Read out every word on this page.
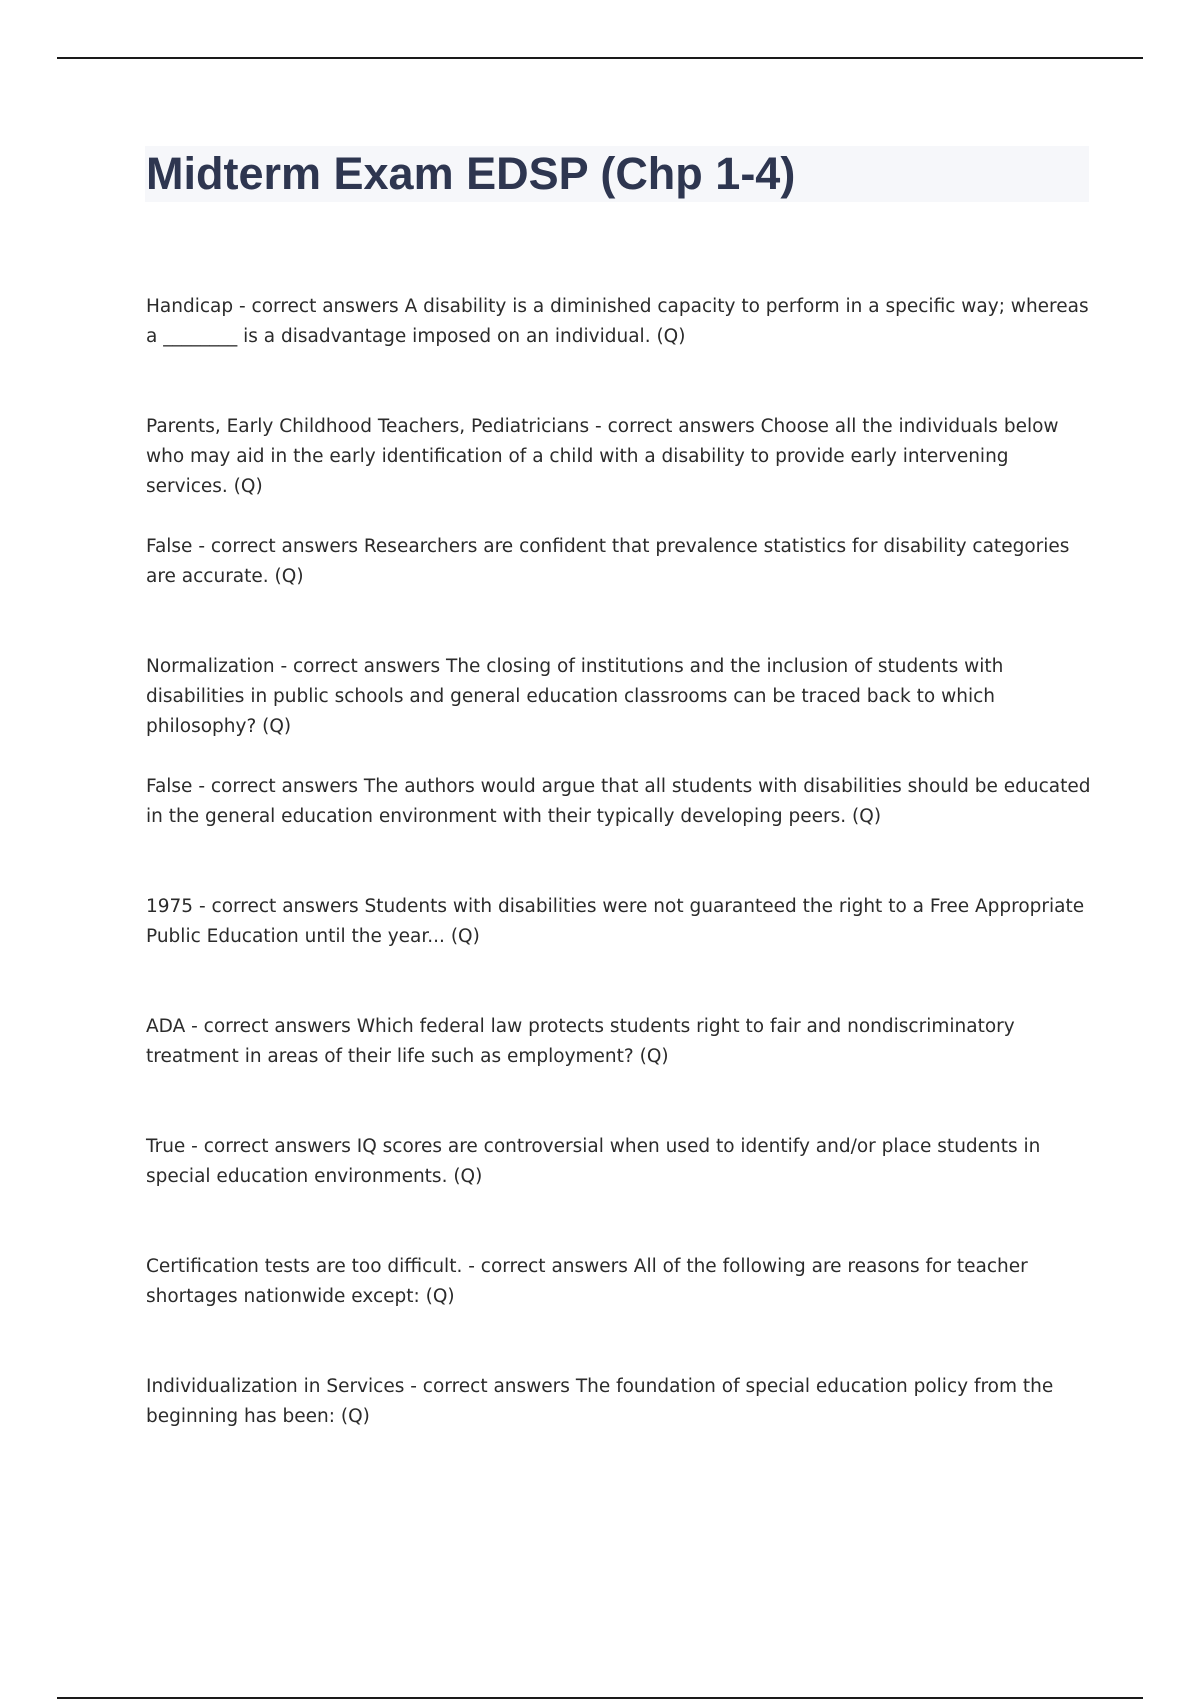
Midterm Exam EDSP (Chp 1-4)
Handicap - correct answers A disability is a diminished capacity to perform in a specific way; whereas a ________ is a disadvantage imposed on an individual. (Q)
Parents, Early Childhood Teachers, Pediatricians - correct answers Choose all the individuals below who may aid in the early identification of a child with a disability to provide early intervening services. (Q)
False - correct answers Researchers are confident that prevalence statistics for disability categories are accurate. (Q)
Normalization - correct answers The closing of institutions and the inclusion of students with disabilities in public schools and general education classrooms can be traced back to which philosophy? (Q)
False - correct answers The authors would argue that all students with disabilities should be educated in the general education environment with their typically developing peers. (Q)
1975 - correct answers Students with disabilities were not guaranteed the right to a Free Appropriate Public Education until the year... (Q)
ADA - correct answers Which federal law protects students right to fair and nondiscriminatory treatment in areas of their life such as employment? (Q)
True - correct answers IQ scores are controversial when used to identify and/or place students in special education environments. (Q)
Certification tests are too difficult. - correct answers All of the following are reasons for teacher shortages nationwide except: (Q)
Individualization in Services - correct answers The foundation of special education policy from the beginning has been: (Q)
